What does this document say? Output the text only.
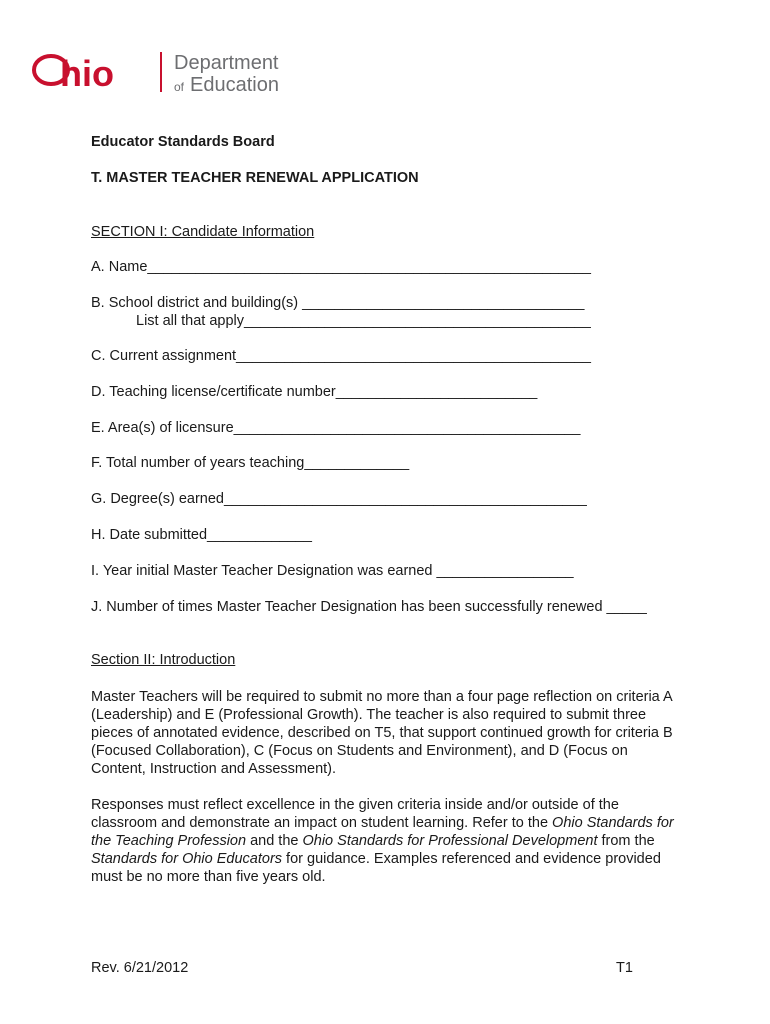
hio	Department
of Education

Educator Standards Board

T. MASTER TEACHER RENEWAL APPLICATION

SECTION I: Candidate Information

A. Name_______________________________________________________

B. School district and building(s) ___________________________________

List all that apply___________________________________________

C. Current assignment____________________________________________

D. Teaching license/certificate number_________________________

E. Area(s) of licensure___________________________________________

F. Total number of years teaching_____________

G. Degree(s) earned_____________________________________________

H. Date submitted_____________

I. Year initial Master Teacher Designation was earned _________________

J. Number of times Master Teacher Designation has been successfully renewed _____

Section II: Introduction

Master Teachers will be required to submit no more than a four page reflection on criteria A (Leadership) and E (Professional Growth). The teacher is also required to submit three pieces of annotated evidence, described on T5, that support continued growth for criteria B (Focused Collaboration), C (Focus on Students and Environment), and D (Focus on Content, Instruction and Assessment).

Responses must reflect excellence in the given criteria inside and/or outside of the classroom and demonstrate an impact on student learning. Refer to the Ohio Standards for the Teaching Profession and the Ohio Standards for Professional Development from the Standards for Ohio Educators for guidance. Examples referenced and evidence provided must be no more than five years old.

Rev. 6/21/2012	T1
